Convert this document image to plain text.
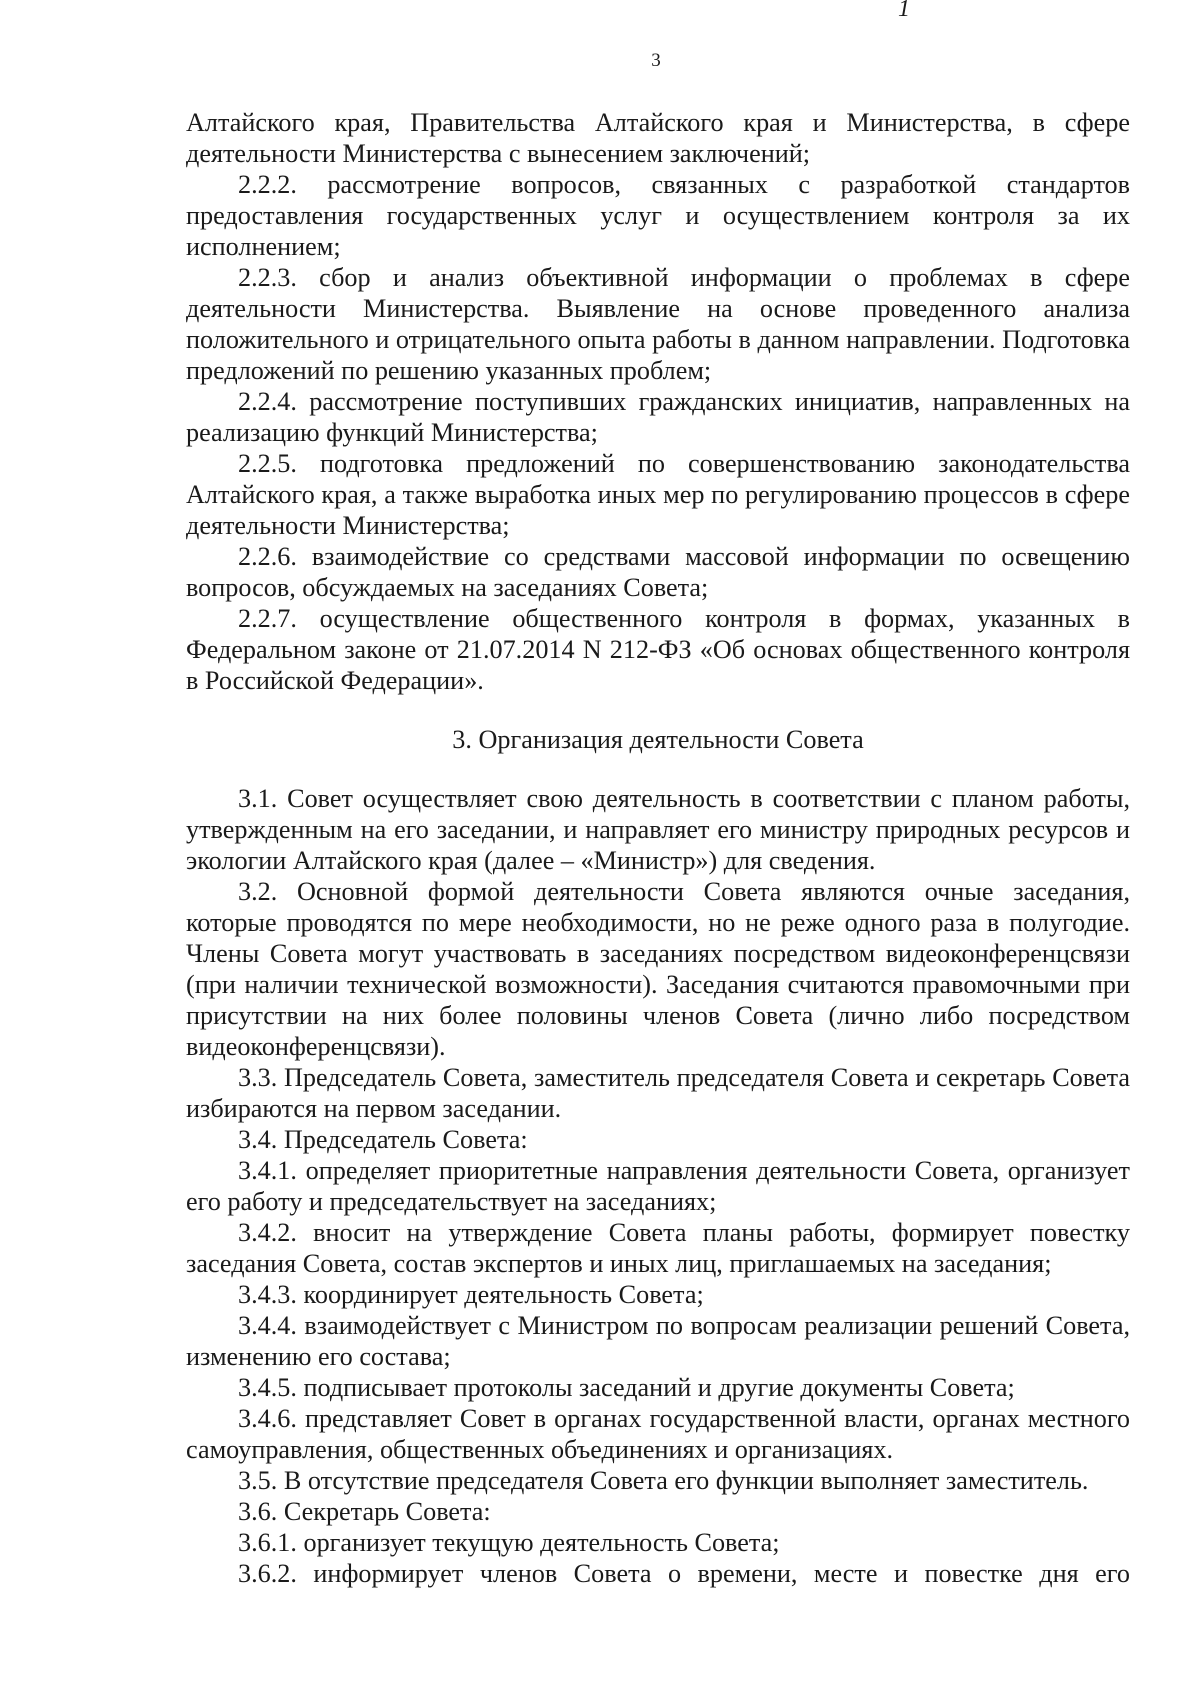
1
3

Алтайского края, Правительства Алтайского края и Министерства, в сфере деятельности Министерства с вынесением заключений;

2.2.2. рассмотрение вопросов, связанных с разработкой стандартов предоставления государственных услуг и осуществлением контроля за их исполнением;

2.2.3. сбор и анализ объективной информации о проблемах в сфере деятельности Министерства. Выявление на основе проведенного анализа положительного и отрицательного опыта работы в данном направлении. Подготовка предложений по решению указанных проблем;

2.2.4. рассмотрение поступивших гражданских инициатив, направленных на реализацию функций Министерства;

2.2.5. подготовка предложений по совершенствованию законодательства Алтайского края, а также выработка иных мер по регулированию процессов в сфере деятельности Министерства;

2.2.6. взаимодействие со средствами массовой информации по освещению вопросов, обсуждаемых на заседаниях Совета;

2.2.7. осуществление общественного контроля в формах, указанных в Федеральном законе от 21.07.2014 N 212-ФЗ «Об основах общественного контроля в Российской Федерации».

3. Организация деятельности Совета

3.1. Совет осуществляет свою деятельность в соответствии с планом работы, утвержденным на его заседании, и направляет его министру природных ресурсов и экологии Алтайского края (далее – «Министр») для сведения.

3.2. Основной формой деятельности Совета являются очные заседания, которые проводятся по мере необходимости, но не реже одного раза в полугодие. Члены Совета могут участвовать в заседаниях посредством видеоконференцсвязи (при наличии технической возможности). Заседания считаются правомочными при присутствии на них более половины членов Совета (лично либо посредством видеоконференцсвязи).

3.3. Председатель Совета, заместитель председателя Совета и секретарь Совета избираются на первом заседании.

3.4. Председатель Совета:

3.4.1. определяет приоритетные направления деятельности Совета, организует его работу и председательствует на заседаниях;

3.4.2. вносит на утверждение Совета планы работы, формирует повестку заседания Совета, состав экспертов и иных лиц, приглашаемых на заседания;

3.4.3. координирует деятельность Совета;

3.4.4. взаимодействует с Министром по вопросам реализации решений Совета, изменению его состава;

3.4.5. подписывает протоколы заседаний и другие документы Совета;

3.4.6. представляет Совет в органах государственной власти, органах местного самоуправления, общественных объединениях и организациях.

3.5. В отсутствие председателя Совета его функции выполняет заместитель.

3.6. Секретарь Совета:

3.6.1. организует текущую деятельность Совета;

3.6.2. информирует членов Совета о времени, месте и повестке дня его
